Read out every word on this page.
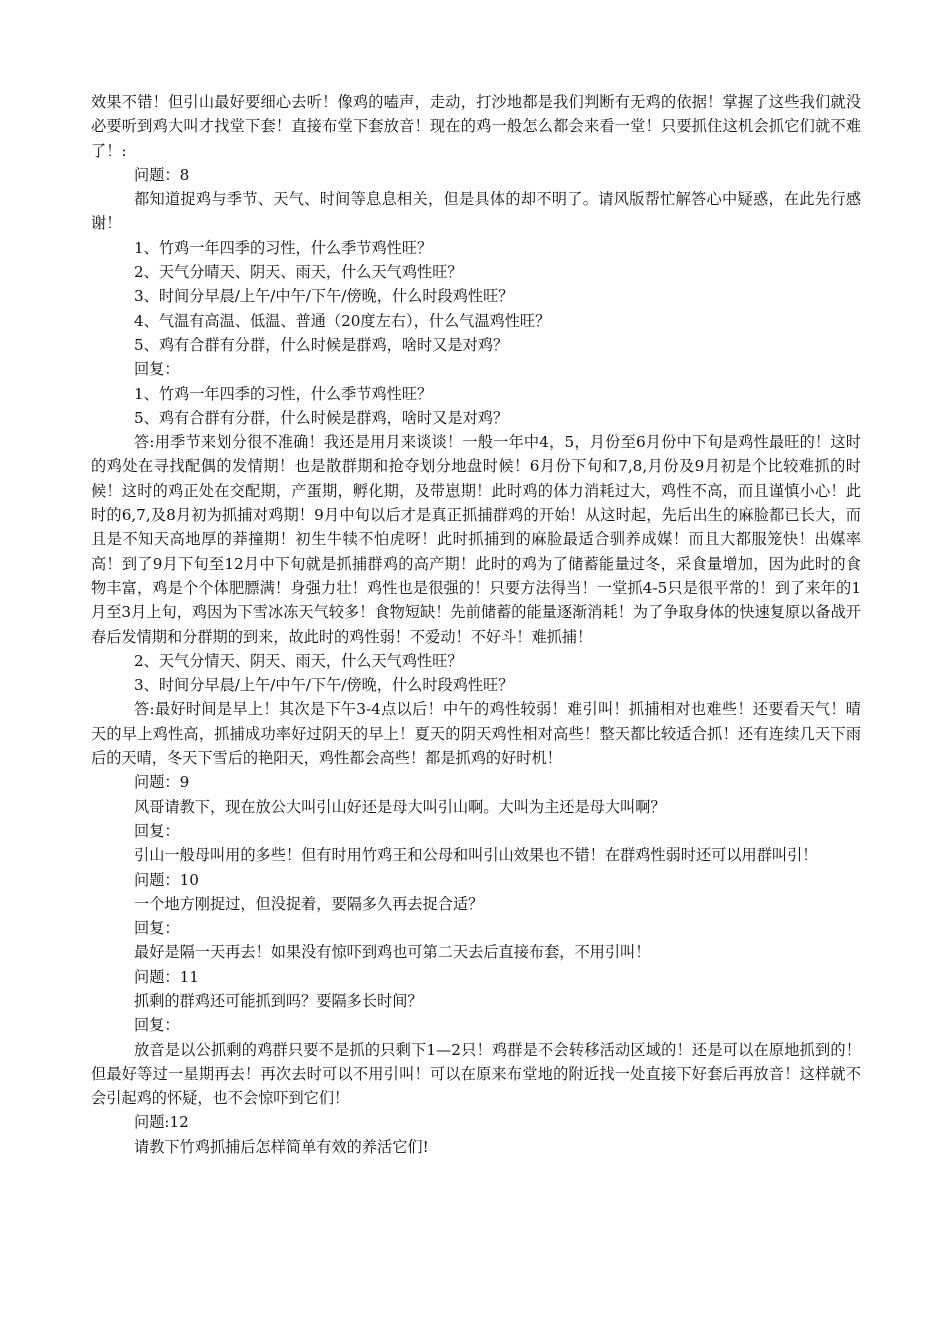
效果不错！但引山最好要细心去听！像鸡的嗑声，走动，打沙地都是我们判断有无鸡的依据！掌握了这些我们就没必要听到鸡大叫才找堂下套！直接布堂下套放音！现在的鸡一般怎么都会来看一堂！只要抓住这机会抓它们就不难了！:

问题：8

都知道捉鸡与季节、天气、时间等息息相关，但是具体的却不明了。请风版帮忙解答心中疑惑，在此先行感谢！

1、竹鸡一年四季的习性，什么季节鸡性旺？

2、天气分晴天、阴天、雨天，什么天气鸡性旺？

3、时间分早晨/上午/中午/下午/傍晚，什么时段鸡性旺？

4、气温有高温、低温、普通（20度左右），什么气温鸡性旺？

5、鸡有合群有分群，什么时候是群鸡，啥时又是对鸡？

回复：

1、竹鸡一年四季的习性，什么季节鸡性旺？

5、鸡有合群有分群，什么时候是群鸡，啥时又是对鸡？

答:用季节来划分很不准确！我还是用月来谈谈！一般一年中4，5，月份至6月份中下旬是鸡性最旺的！这时的鸡处在寻找配偶的发情期！也是散群期和抢夺划分地盘时候！6月份下旬和7,8,月份及9月初是个比较难抓的时候！这时的鸡正处在交配期，产蛋期，孵化期，及带崽期！此时鸡的体力消耗过大，鸡性不高，而且谨慎小心！此时的6,7,及8月初为抓捕对鸡期！9月中旬以后才是真正抓捕群鸡的开始！从这时起，先后出生的麻脸都已长大，而且是不知天高地厚的莽撞期！初生牛犊不怕虎呀！此时抓捕到的麻脸最适合驯养成媒！而且大都服笼快！出媒率高！到了9月下旬至12月中下旬就是抓捕群鸡的高产期！此时的鸡为了储蓄能量过冬，采食量增加，因为此时的食物丰富，鸡是个个体肥膘满！身强力壮！鸡性也是很强的！只要方法得当！一堂抓4-5只是很平常的！到了来年的1月至3月上旬，鸡因为下雪冰冻天气较多！食物短缺！先前储蓄的能量逐渐消耗！为了争取身体的快速复原以备战开春后发情期和分群期的到来，故此时的鸡性弱！不爱动！不好斗！难抓捕！

2、天气分情天、阴天、雨天，什么天气鸡性旺？

3、时间分早晨/上午/中午/下午/傍晚，什么时段鸡性旺？

答:最好时间是早上！其次是下午3-4点以后！中午的鸡性较弱！难引叫！抓捕相对也难些！还要看天气！晴天的早上鸡性高，抓捕成功率好过阴天的早上！夏天的阴天鸡性相对高些！整天都比较适合抓！还有连续几天下雨后的天晴，冬天下雪后的艳阳天，鸡性都会高些！都是抓鸡的好时机！

问题：9

风哥请教下，现在放公大叫引山好还是母大叫引山啊。大叫为主还是母大叫啊？

回复：

引山一般母叫用的多些！但有时用竹鸡王和公母和叫引山效果也不错！在群鸡性弱时还可以用群叫引！

问题：10

一个地方刚捉过，但没捉着，要隔多久再去捉合适？

回复：

最好是隔一天再去！如果没有惊吓到鸡也可第二天去后直接布套，不用引叫！

问题：11

抓剩的群鸡还可能抓到吗？要隔多长时间？

回复：

放音是以公抓剩的鸡群只要不是抓的只剩下1—2只！鸡群是不会转移活动区域的！还是可以在原地抓到的！但最好等过一星期再去！再次去时可以不用引叫！可以在原来布堂地的附近找一处直接下好套后再放音！这样就不会引起鸡的怀疑，也不会惊吓到它们！

问题:12

请教下竹鸡抓捕后怎样简单有效的养活它们!
